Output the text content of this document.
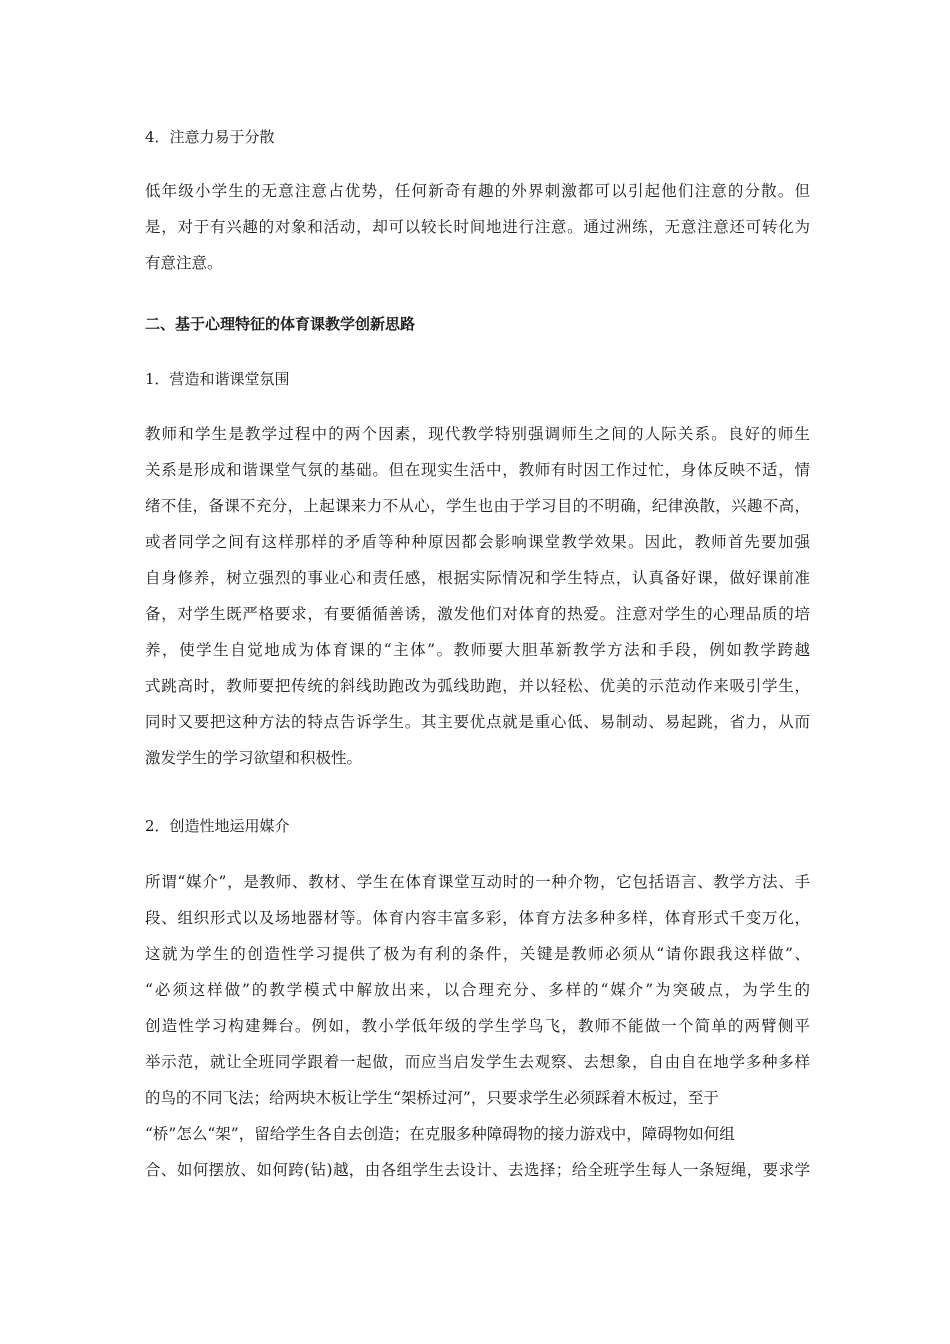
4．注意力易于分散
低年级小学生的无意注意占优势，任何新奇有趣的外界刺激都可以引起他们注意的分散。但
是，对于有兴趣的对象和活动，却可以较长时间地进行注意。通过洲练，无意注意还可转化为
有意注意。
二、基于心理特征的体育课教学创新思路
1．营造和谐课堂氛围
教师和学生是教学过程中的两个因素，现代教学特别强调师生之间的人际关系。良好的师生
关系是形成和谐课堂气氛的基础。但在现实生活中，教师有时因工作过忙，身体反映不适，情
绪不佳，备课不充分，上起课来力不从心，学生也由于学习目的不明确，纪律涣散，兴趣不高，
或者同学之间有这样那样的矛盾等种种原因都会影响课堂教学效果。因此，教师首先要加强
自身修养，树立强烈的事业心和责任感，根据实际情况和学生特点，认真备好课，做好课前准
备，对学生既严格要求，有要循循善诱，激发他们对体育的热爱。注意对学生的心理品质的培
养，使学生自觉地成为体育课的“主体”。教师要大胆革新教学方法和手段，例如教学跨越
式跳高时，教师要把传统的斜线助跑改为弧线助跑，并以轻松、优美的示范动作来吸引学生，
同时又要把这种方法的特点告诉学生。其主要优点就是重心低、易制动、易起跳，省力，从而
激发学生的学习欲望和积极性。
2．创造性地运用媒介
所谓“媒介”，是教师、教材、学生在体育课堂互动时的一种介物，它包括语言、教学方法、手
段、组织形式以及场地器材等。体育内容丰富多彩，体育方法多种多样，体育形式千变万化，
这就为学生的创造性学习提供了极为有利的条件，关键是教师必须从“请你跟我这样做”、
“必须这样做”的教学模式中解放出来，以合理充分、多样的“媒介”为突破点，为学生的
创造性学习构建舞台。例如，教小学低年级的学生学鸟飞，教师不能做一个简单的两臂侧平
举示范，就让全班同学跟着一起做，而应当启发学生去观察、去想象，自由自在地学多种多样
的鸟的不同飞法；给两块木板让学生“架桥过河”，只要求学生必须踩着木板过，至于
“桥”怎么“架”，留给学生各自去创造；在克服多种障碍物的接力游戏中，障碍物如何组
合、如何摆放、如何跨(钻)越，由各组学生去设计、去选择；给全班学生每人一条短绳，要求学
